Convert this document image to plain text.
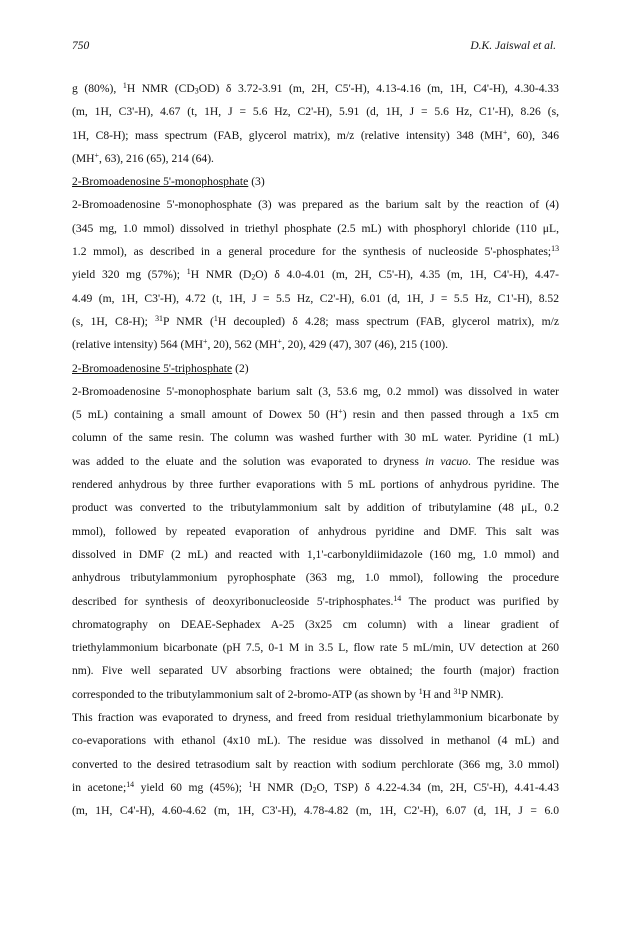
750	D.K. Jaiswal et al.
g (80%), $^1$H NMR $(CD_3OD)$ δ 3.72-3.91 (m, 2H, C5'-H), 4.13-4.16 (m, 1H, C4'-H), 4.30-4.33
(m, 1H, C3'-H), 4.67 (t, 1H, J = 5.6 Hz, C2'-H), 5.91 (d, 1H, J = 5.6 Hz, C1'-H), 8.26 (s,
1H, C8-H); mass spectrum (FAB, glycerol matrix), m/z (relative intensity) 348 (MH+, 60), 346
(MH+, 63), 216 (65), 214 (64).
2-Bromoadenosine 5'-monophosphate (3)
2-Bromoadenosine 5'-monophosphate (3) was prepared as the barium salt by the reaction of (4)
(345 mg, 1.0 mmol) dissolved in triethyl phosphate (2.5 mL) with phosphoryl chloride (110 μL,
1.2 mmol), as described in a general procedure for the synthesis of nucleoside 5'-phosphates;$^{13}$
yield 320 mg (57%); $^1$H NMR $(D_2O)$ δ 4.0-4.01 (m, 2H, C5'-H), 4.35 (m, 1H, C4'-H), 4.47-
4.49 (m, 1H, C3'-H), 4.72 (t, 1H, J = 5.5 Hz, C2'-H), 6.01 (d, 1H, J = 5.5 Hz, C1'-H), 8.52
(s, 1H, C8-H); $^{31}$P NMR ($^1$H decoupled) δ 4.28; mass spectrum (FAB, glycerol matrix), m/z
(relative intensity) 564 (MH+, 20), 562 (MH+, 20), 429 (47), 307 (46), 215 (100).
2-Bromoadenosine 5'-triphosphate (2)
2-Bromoadenosine 5'-monophosphate barium salt (3, 53.6 mg, 0.2 mmol) was dissolved in water
(5 mL) containing a small amount of Dowex 50 (H+) resin and then passed through a 1x5 cm
column of the same resin. The column was washed further with 30 mL water. Pyridine (1 mL)
was added to the eluate and the solution was evaporated to dryness in vacuo. The residue was
rendered anhydrous by three further evaporations with 5 mL portions of anhydrous pyridine. The
product was converted to the tributylammonium salt by addition of tributylamine (48 μL, 0.2
mmol), followed by repeated evaporation of anhydrous pyridine and DMF. This salt was
dissolved in DMF (2 mL) and reacted with 1,1'-carbonyldiimidazole (160 mg, 1.0 mmol) and
anhydrous tributylammonium pyrophosphate (363 mg, 1.0 mmol), following the procedure
described for synthesis of deoxyribonucleoside 5'-triphosphates.$^{14}$ The product was purified by
chromatography on DEAE-Sephadex A-25 (3x25 cm column) with a linear gradient of
triethylammonium bicarbonate (pH 7.5, 0-1 M in 3.5 L, flow rate 5 mL/min, UV detection at 260
nm). Five well separated UV absorbing fractions were obtained; the fourth (major) fraction
corresponded to the tributylammonium salt of 2-bromo-ATP (as shown by $^1$H and $^{31}$P NMR).
This fraction was evaporated to dryness, and freed from residual triethylammonium bicarbonate by
co-evaporations with ethanol (4x10 mL). The residue was dissolved in methanol (4 mL) and
converted to the desired tetrasodium salt by reaction with sodium perchlorate (366 mg, 3.0 mmol)
in acetone;$^{14}$ yield 60 mg (45%); $^1$H NMR ($D_2O$, TSP) δ 4.22-4.34 (m, 2H, C5'-H), 4.41-4.43
(m, 1H, C4'-H), 4.60-4.62 (m, 1H, C3'-H), 4.78-4.82 (m, 1H, C2'-H), 6.07 (d, 1H, J = 6.0
